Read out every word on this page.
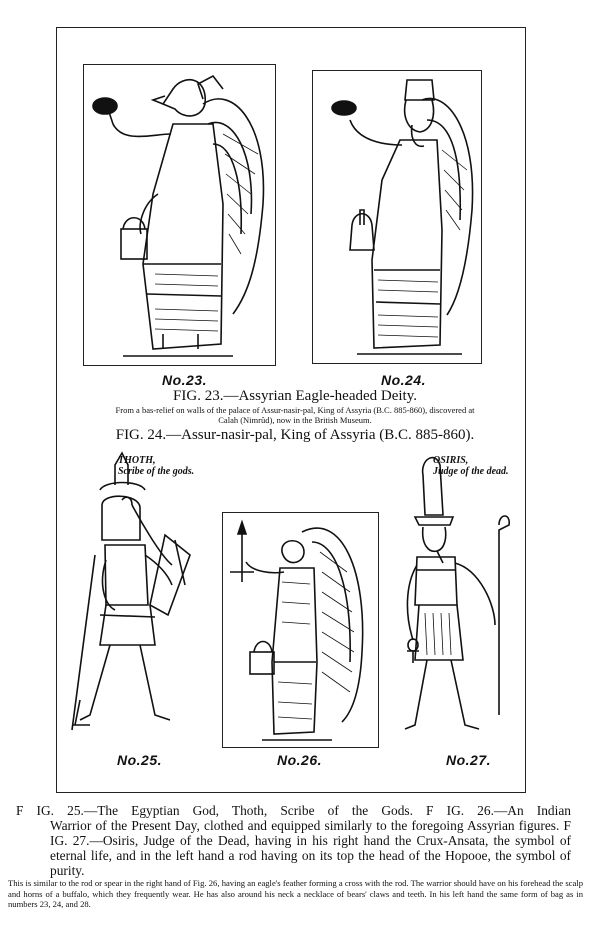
THOTH,
Scribe of the gods.
OSIRIS,
Judge of the dead.
No.23.	No.24.
No.25.	No.26.	No.27.
FIG. 23.—Assyrian Eagle-headed Deity.
From a bas-relief on walls of the palace of Assur-nasir-pal, King of Assyria (B.C. 885-860), discovered at
Calah (Nimrûd), now in the British Museum.
FIG. 24.—Assur-nasir-pal, King of Assyria (B.C. 885-860).
F IG. 25.—The Egyptian God, Thoth, Scribe of the Gods. F IG. 26.—An Indian
Warrior of the Present Day, clothed and equipped similarly to the foregoing Assyrian figures. F IG. 27.—Osiris, Judge of the Dead, having in his right hand the Crux-Ansata, the symbol of eternal life, and in the left hand a rod having on its top the head of the Hopooe, the symbol of purity.
This is similar to the rod or spear in the right hand of Fig. 26, having an eagle's feather forming a cross with the rod. The warrior should have on his forehead the scalp and horns of a buffalo, which they frequently wear. He has also around his neck a necklace of bears' claws and teeth. In his left hand the same form of bag as in numbers 23, 24, and 28.
